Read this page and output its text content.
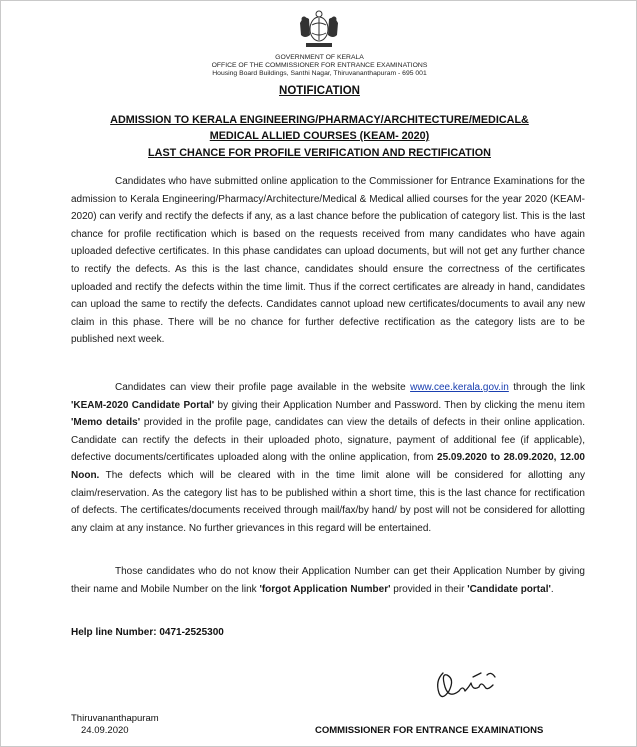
GOVERNMENT OF KERALA
OFFICE OF THE COMMISSIONER FOR ENTRANCE EXAMINATIONS
Housing Board Buildings, Santhi Nagar, Thiruvananthapuram - 695 001
NOTIFICATION
ADMISSION TO KERALA ENGINEERING/PHARMACY/ARCHITECTURE/MEDICAL&
MEDICAL ALLIED COURSES (KEAM- 2020)
LAST CHANCE FOR PROFILE VERIFICATION AND RECTIFICATION
Candidates who have submitted online application to the Commissioner for Entrance Examinations for the admission to Kerala Engineering/Pharmacy/Architecture/Medical & Medical allied courses for the year 2020 (KEAM-2020) can verify and rectify the defects if any, as a last chance before the publication of category list. This is the last chance for profile rectification which is based on the requests received from many candidates who have again uploaded defective certificates. In this phase candidates can upload documents, but will not get any further chance to rectify the defects. As this is the last chance, candidates should ensure the correctness of the certificates uploaded and rectify the defects within the time limit. Thus if the correct certificates are already in hand, candidates can upload the same to rectify the defects. Candidates cannot upload new certificates/documents to avail any new claim in this phase. There will be no chance for further defective rectification as the category lists are to be published next week.
Candidates can view their profile page available in the website www.cee.kerala.gov.in through the link 'KEAM-2020 Candidate Portal' by giving their Application Number and Password. Then by clicking the menu item 'Memo details' provided in the profile page, candidates can view the details of defects in their online application. Candidate can rectify the defects in their uploaded photo, signature, payment of additional fee (if applicable), defective documents/certificates uploaded along with the online application, from 25.09.2020 to 28.09.2020, 12.00 Noon. The defects which will be cleared with in the time limit alone will be considered for allotting any claim/reservation. As the category list has to be published within a short time, this is the last chance for rectification of defects. The certificates/documents received through mail/fax/by hand/ by post will not be considered for allotting any claim at any instance. No further grievances in this regard will be entertained.
Those candidates who do not know their Application Number can get their Application Number by giving their name and Mobile Number on the link 'forgot Application Number' provided in their 'Candidate portal'.
Help line Number: 0471-2525300
Thiruvananthapuram
24.09.2020	COMMISSIONER FOR ENTRANCE EXAMINATIONS
